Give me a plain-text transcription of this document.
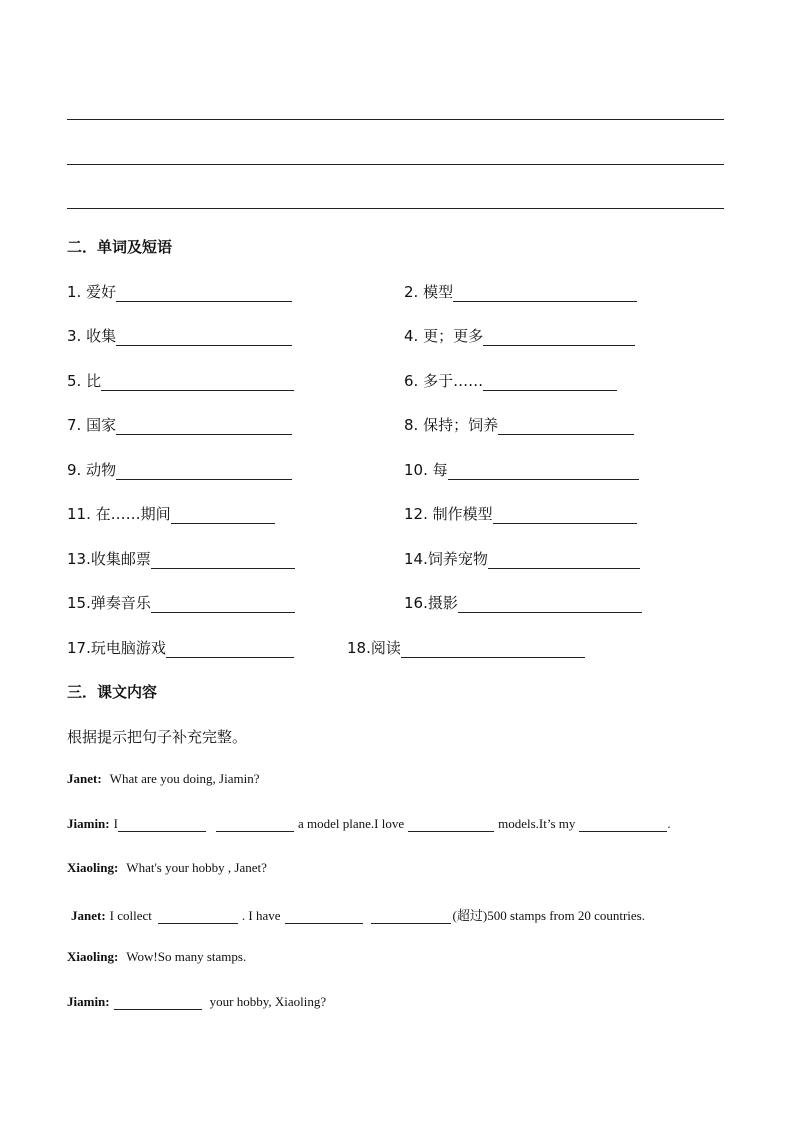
二．单词及短语
1. 爱好	2. 模型
3. 收集	4. 更；更多
5. 比	6. 多于……
7. 国家	8. 保持；饲养
9. 动物	10. 每
11. 在……期间	12. 制作模型
13.收集邮票	14.饲养宠物
15.弹奏音乐	16.摄影
17.玩电脑游戏	18.阅读
三．课文内容
根据提示把句子补充完整。
Janet: What are you doing, Jiamin?
Jiamin: I	a model plane.I love	models.It’s my	.
Xiaoling: What's your hobby , Janet?
Janet: I collect	. I have	(超过)500 stamps from 20 countries.
Xiaoling: Wow!So many stamps.
Jiamin:	your hobby, Xiaoling?
